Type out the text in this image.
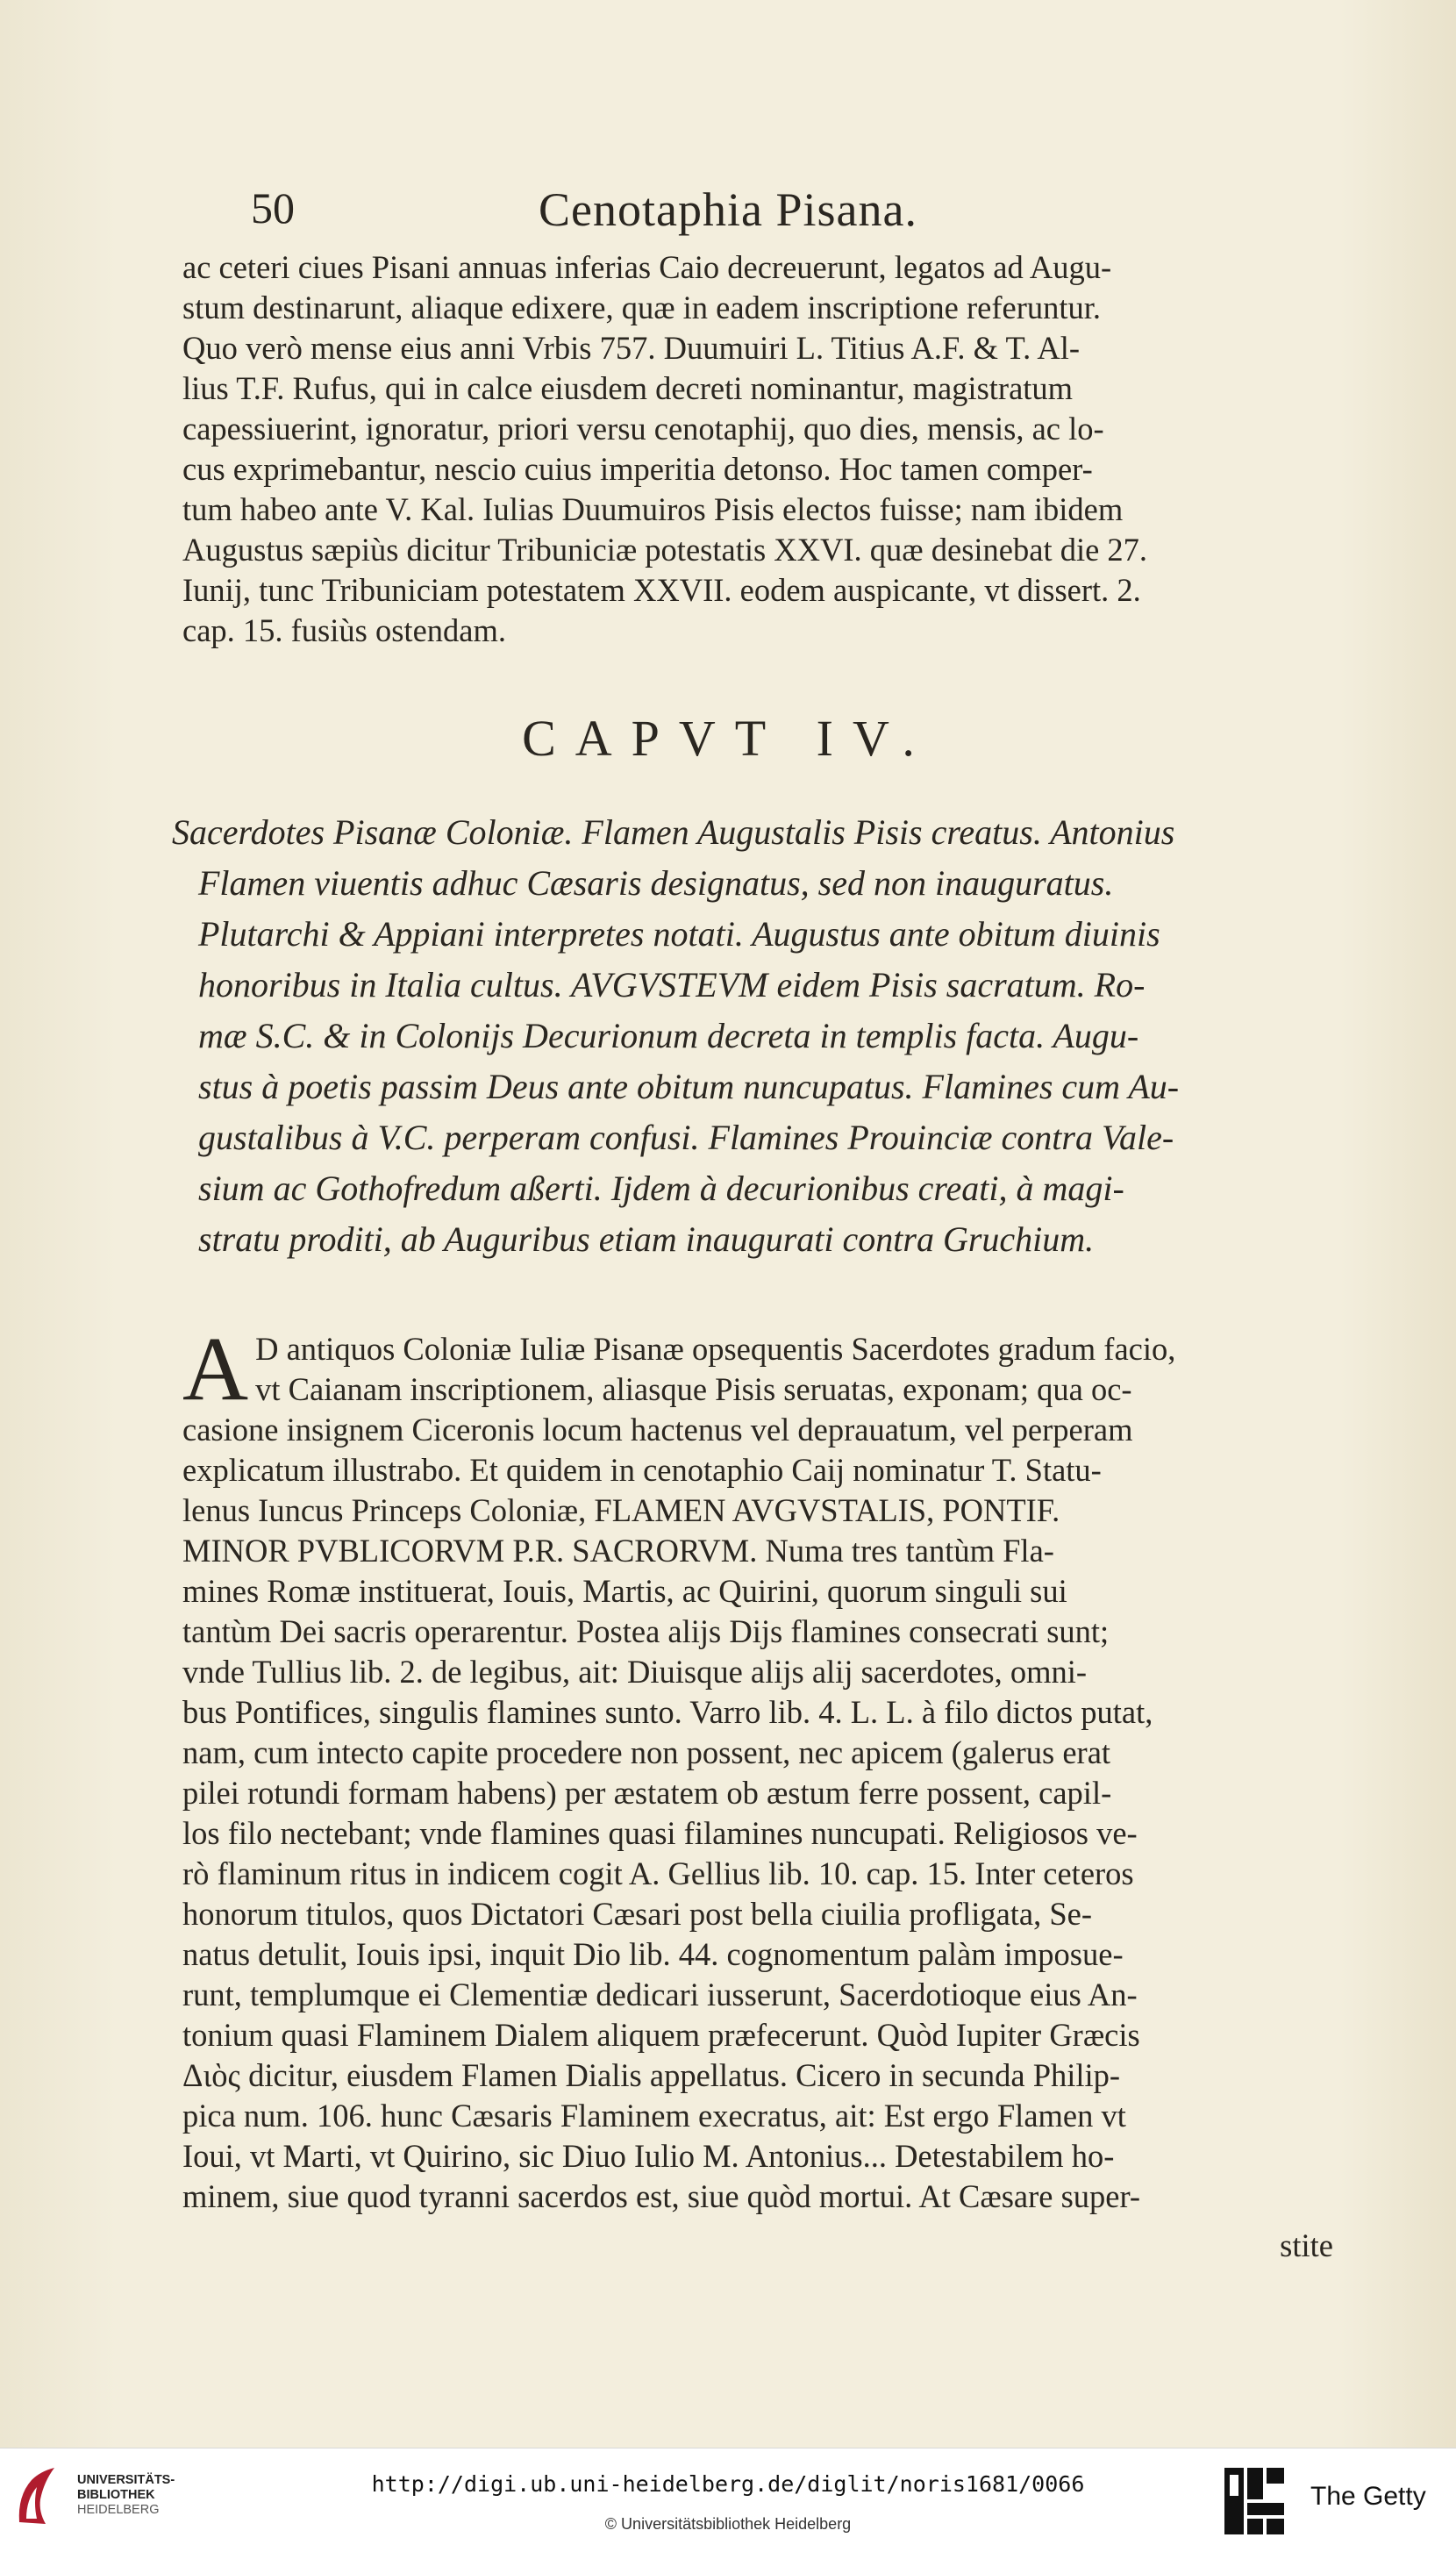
50	Cenotaphia Pisana.

ac ceteri ciues Pisani annuas inferias Caio decreuerunt, legatos ad Augu-

stum destinarunt, aliaque edixere, quæ in eadem inscriptione referuntur.

Quo verò mense eius anni Vrbis 757. Duumuiri L. Titius A.F. & T. Al-

lius T.F. Rufus, qui in calce eiusdem decreti nominantur, magistratum

capessiuerint, ignoratur, priori versu cenotaphij, quo dies, mensis, ac lo-

cus exprimebantur, nescio cuius imperitia detonso. Hoc tamen comper-

tum habeo ante V. Kal. Iulias Duumuiros Pisis electos fuisse; nam ibidem

Augustus sæpiùs dicitur Tribuniciæ potestatis XXVI. quæ desinebat die 27.

Iunij, tunc Tribuniciam potestatem XXVII. eodem auspicante, vt dissert. 2.

cap. 15. fusiùs ostendam.

CAPVT IV.

Sacerdotes Pisanæ Coloniæ. Flamen Augustalis Pisis creatus. Antonius

Flamen viuentis adhuc Cæsaris designatus, sed non inauguratus.

Plutarchi & Appiani interpretes notati. Augustus ante obitum diuinis

honoribus in Italia cultus. AVGVSTEVM eidem Pisis sacratum. Ro-

mæ S.C. & in Colonijs Decurionum decreta in templis facta. Augu-

stus à poetis passim Deus ante obitum nuncupatus. Flamines cum Au-

gustalibus à V.C. perperam confusi. Flamines Prouinciæ contra Vale-

sium ac Gothofredum aßerti. Ijdem à decurionibus creati, à magi-

stratu proditi, ab Auguribus etiam inaugurati contra Gruchium.

A D antiquos Coloniæ Iuliæ Pisanæ opsequentis Sacerdotes gradum facio,

vt Caianam inscriptionem, aliasque Pisis seruatas, exponam; qua oc-

casione insignem Ciceronis locum hactenus vel deprauatum, vel perperam

explicatum illustrabo. Et quidem in cenotaphio Caij nominatur T. Statu-

lenus Iuncus Princeps Coloniæ, FLAMEN AVGVSTALIS, PONTIF.

MINOR PVBLICORVM P.R. SACRORVM. Numa tres tantùm Fla-

mines Romæ instituerat, Iouis, Martis, ac Quirini, quorum singuli sui

tantùm Dei sacris operarentur. Postea alijs Dijs flamines consecrati sunt;

vnde Tullius lib. 2. de legibus, ait: Diuisque alijs alij sacerdotes, omni-

bus Pontifices, singulis flamines sunto. Varro lib. 4. L. L. à filo dictos putat,

nam, cum intecto capite procedere non possent, nec apicem (galerus erat

pilei rotundi formam habens) per æstatem ob æstum ferre possent, capil-

los filo nectebant; vnde flamines quasi filamines nuncupati. Religiosos ve-

rò flaminum ritus in indicem cogit A. Gellius lib. 10. cap. 15. Inter ceteros

honorum titulos, quos Dictatori Cæsari post bella ciuilia profligata, Se-

natus detulit, Iouis ipsi, inquit Dio lib. 44. cognomentum palàm imposue-

runt, templumque ei Clementiæ dedicari iusserunt, Sacerdotioque eius An-

tonium quasi Flaminem Dialem aliquem præfecerunt. Quòd Iupiter Græcis

Διὸς dicitur, eiusdem Flamen Dialis appellatus. Cicero in secunda Philip-

pica num. 106. hunc Cæsaris Flaminem execratus, ait: Est ergo Flamen vt

Ioui, vt Marti, vt Quirino, sic Diuo Iulio M. Antonius... Detestabilem ho-

minem, siue quod tyranni sacerdos est, siue quòd mortui. At Cæsare super-

stite
UNIVERSITÄTS-
BIBLIOTHEK
HEIDELBERG
http://digi.ub.uni-heidelberg.de/diglit/noris1681/0066
© Universitätsbibliothek Heidelberg
The Getty
